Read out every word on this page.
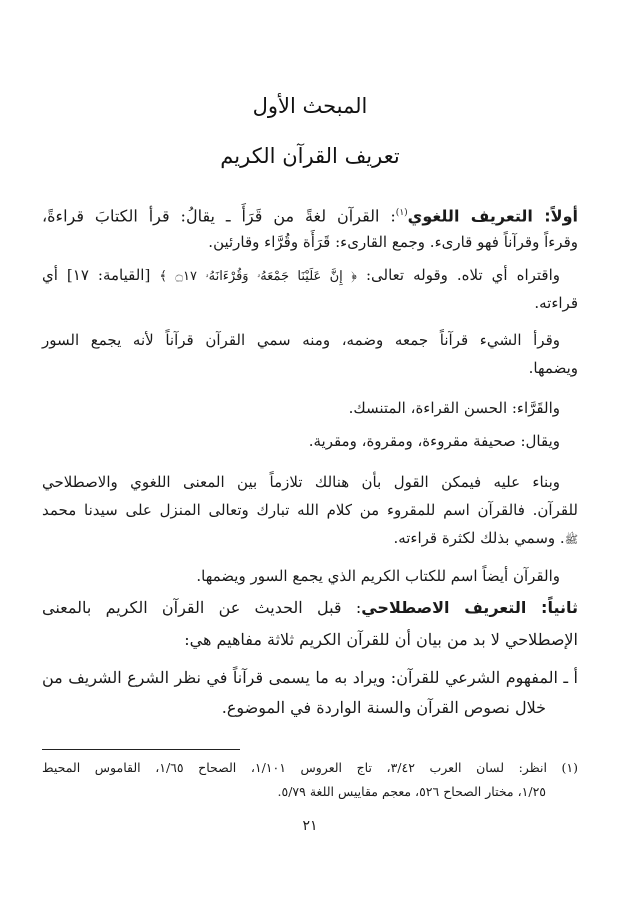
المبحث الأول
تعريف القرآن الكريم
أولاً: التعريف اللغوي$^{(١)}$: القرآن لغةً من قَرَأَ ـ يقالُ: قرأ الكتابَ قراءةً،
وقرءاً وقرآناً فهو قارىء. وجمع القارىء: قَرَأَة وقُرَّاء وقارئين.
واقتراه أي تلاه. وقوله تعالى: ﴿ إِنَّ عَلَيْنَا جَمْعَهُۥ وَقُرْءَانَهُۥ ۝١٧ ﴾ [القيامة: ١٧] أي
قراءته.
وقرأ الشيء قرآناً جمعه وضمه، ومنه سمي القرآن قرآناً لأنه يجمع السور
ويضمها.
والقَرَّاء: الحسن القراءة، المتنسك.
ويقال: صحيفة مقروءة، ومقروة، ومقرية.
وبناء عليه فيمكن القول بأن هنالك تلازماً بين المعنى اللغوي والاصطلاحي
للقرآن. فالقرآن اسم للمقروء من كلام الله تبارك وتعالى المنزل على سيدنا محمد
ﷺ. وسمي بذلك لكثرة قراءته.
والقرآن أيضاً اسم للكتاب الكريم الذي يجمع السور ويضمها.
ثانياً: التعريف الاصطلاحي: قبل الحديث عن القرآن الكريم بالمعنى
الإصطلاحي لا بد من بيان أن للقرآن الكريم ثلاثة مفاهيم هي:
أ ـ المفهوم الشرعي للقرآن: ويراد به ما يسمى قرآناً في نظر الشرع الشريف من
خلال نصوص القرآن والسنة الواردة في الموضوع.
(١) انظر: لسان العرب ٣/٤٢، تاج العروس ١/١٠١، الصحاح ١/٦٥، القاموس المحيط
١/٢٥، مختار الصحاح ٥٢٦، معجم مقاييس اللغة ٥/٧٩.
٢١
